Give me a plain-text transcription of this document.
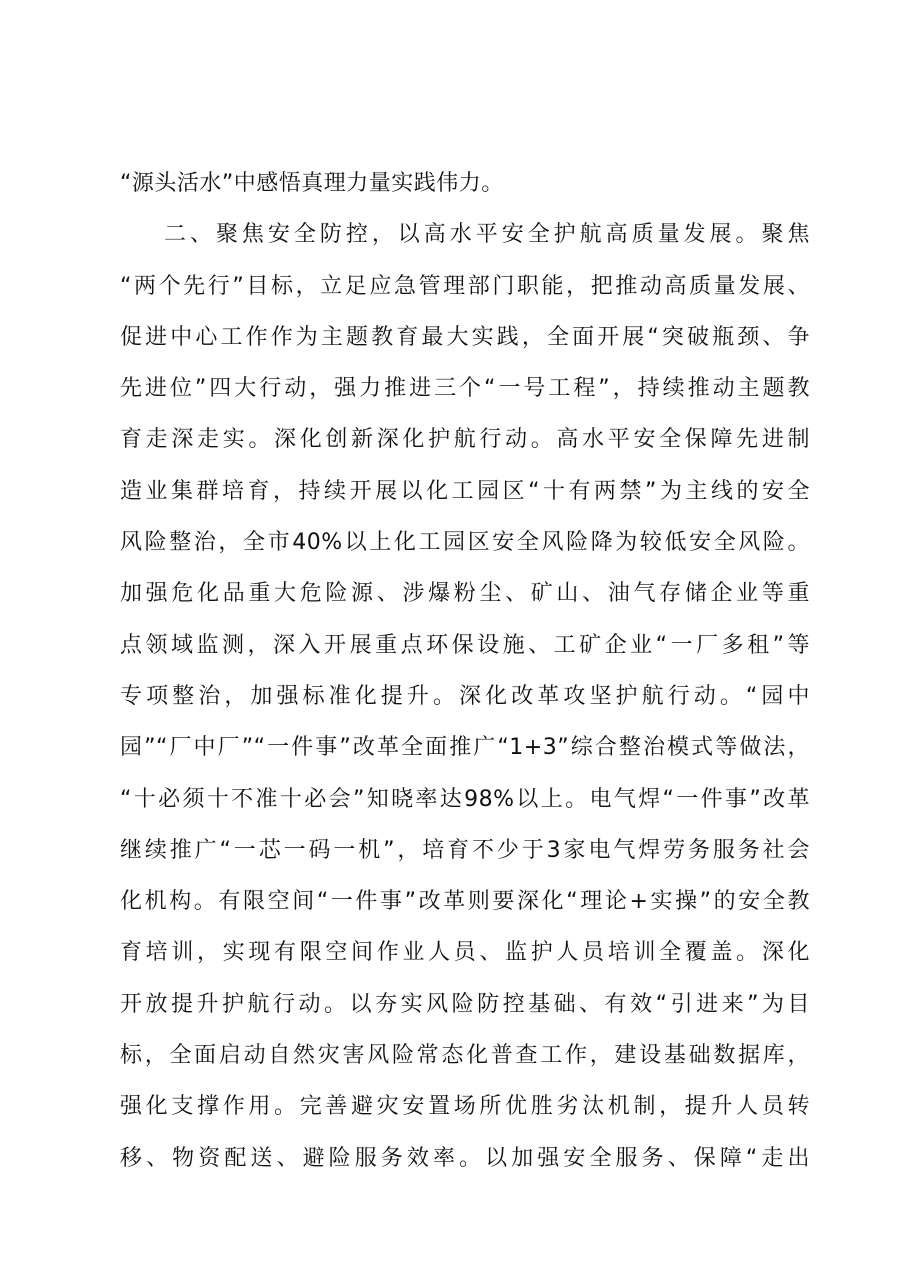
“源头活水”中感悟真理力量实践伟力。
二、聚焦安全防控，以高水平安全护航高质量发展。聚焦
“两个先行”目标，立足应急管理部门职能，把推动高质量发展、
促进中心工作作为主题教育最大实践，全面开展“突破瓶颈、争
先进位”四大行动，强力推进三个“一号工程”，持续推动主题教
育走深走实。深化创新深化护航行动。高水平安全保障先进制
造业集群培育，持续开展以化工园区“十有两禁”为主线的安全
风险整治，全市40%以上化工园区安全风险降为较低安全风险。
加强危化品重大危险源、涉爆粉尘、矿山、油气存储企业等重
点领域监测，深入开展重点环保设施、工矿企业“一厂多租”等
专项整治，加强标准化提升。深化改革攻坚护航行动。“园中
园”“厂中厂”“一件事”改革全面推广“1+3”综合整治模式等做法，
“十必须十不准十必会”知晓率达98%以上。电气焊“一件事”改革
继续推广“一芯一码一机”，培育不少于3家电气焊劳务服务社会
化机构。有限空间“一件事”改革则要深化“理论+实操”的安全教
育培训，实现有限空间作业人员、监护人员培训全覆盖。深化
开放提升护航行动。以夯实风险防控基础、有效“引进来”为目
标，全面启动自然灾害风险常态化普查工作，建设基础数据库，
强化支撑作用。完善避灾安置场所优胜劣汰机制，提升人员转
移、物资配送、避险服务效率。以加强安全服务、保障“走出
